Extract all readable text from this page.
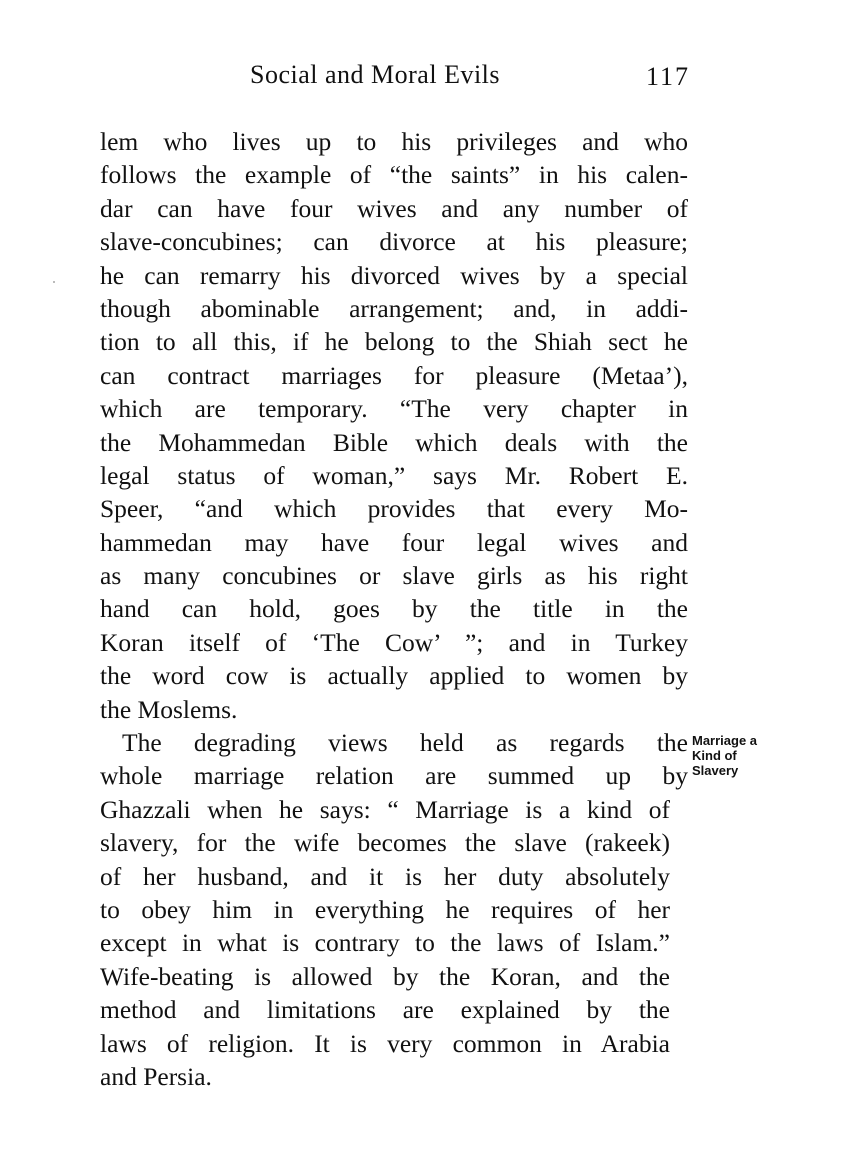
Social and Moral Evils	117
lem who lives up to his privileges and who
follows the example of “the saints” in his calen-
dar can have four wives and any number of
slave-concubines; can divorce at his pleasure;
he can remarry his divorced wives by a special
though abominable arrangement; and, in addi-
tion to all this, if he belong to the Shiah sect he
can contract marriages for pleasure (Metaa’),
which are temporary. “The very chapter in
the Mohammedan Bible which deals with the
legal status of woman,” says Mr. Robert E.
Speer, “and which provides that every Mo-
hammedan may have four legal wives and
as many concubines or slave girls as his right
hand can hold, goes by the title in the
Koran itself of ‘The Cow’ ”; and in Turkey
the word cow is actually applied to women by
the Moslems.
The degrading views held as regards the
whole marriage relation are summed up by
Ghazzali when he says: “ Marriage is a kind of
slavery, for the wife becomes the slave (rakeek)
of her husband, and it is her duty absolutely
to obey him in everything he requires of her
except in what is contrary to the laws of Islam.”
Wife-beating is allowed by the Koran, and the
method and limitations are explained by the
laws of religion. It is very common in Arabia
and Persia.
Marriage a
Kind of
Slavery
